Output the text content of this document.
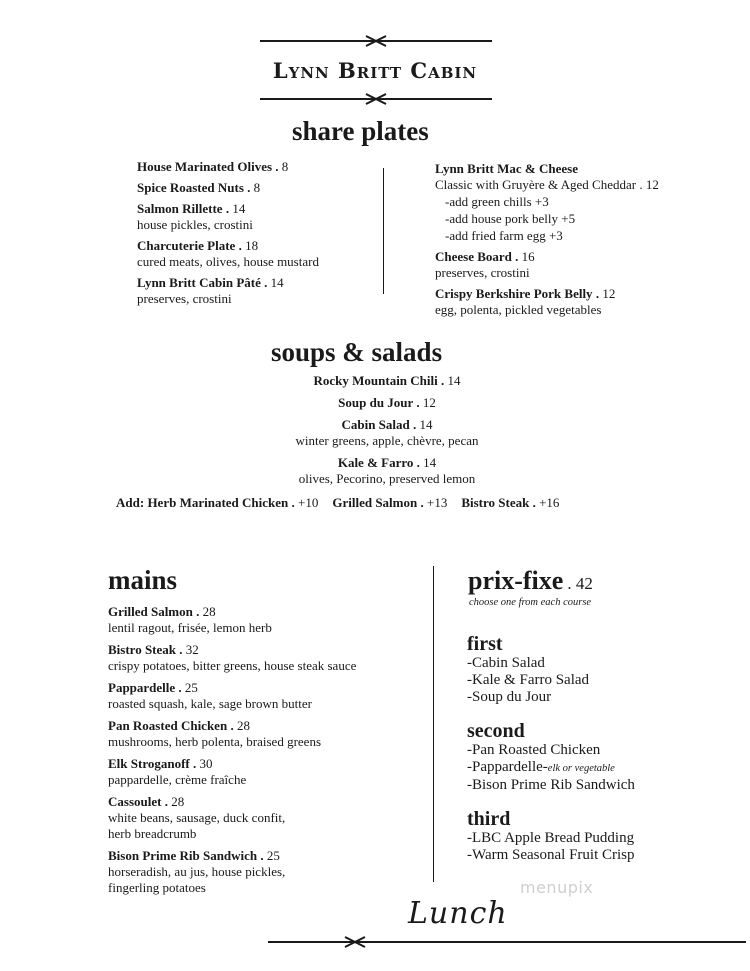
Lynn Britt Cabin
share plates
House Marinated Olives . 8
Spice Roasted Nuts . 8
Salmon Rillette . 14
house pickles, crostini
Charcuterie Plate . 18
cured meats, olives, house mustard
Lynn Britt Cabin Pâté . 14
preserves, crostini
Lynn Britt Mac & Cheese
Classic with Gruyère & Aged Cheddar . 12
-add green chills +3
-add house pork belly +5
-add fried farm egg +3
Cheese Board . 16
preserves, crostini
Crispy Berkshire Pork Belly . 12
egg, polenta, pickled vegetables
soups & salads
Rocky Mountain Chili . 14
Soup du Jour . 12
Cabin Salad . 14
winter greens, apple, chèvre, pecan
Kale & Farro . 14
olives, Pecorino, preserved lemon
Add: Herb Marinated Chicken . +10 Grilled Salmon . +13 Bistro Steak . +16
mains
Grilled Salmon . 28
lentil ragout, frisée, lemon herb
Bistro Steak . 32
crispy potatoes, bitter greens, house steak sauce
Pappardelle . 25
roasted squash, kale, sage brown butter
Pan Roasted Chicken . 28
mushrooms, herb polenta, braised greens
Elk Stroganoff . 30
pappardelle, crème fraîche
Cassoulet . 28
white beans, sausage, duck confit,
herb breadcrumb
Bison Prime Rib Sandwich . 25
horseradish, au jus, house pickles,
fingerling potatoes
prix-fixe . 42
choose one from each course
first
-Cabin Salad
-Kale & Farro Salad
-Soup du Jour
second
-Pan Roasted Chicken
-Pappardelle-elk or vegetable
-Bison Prime Rib Sandwich
third
-LBC Apple Bread Pudding
-Warm Seasonal Fruit Crisp
menupix
Lunch
